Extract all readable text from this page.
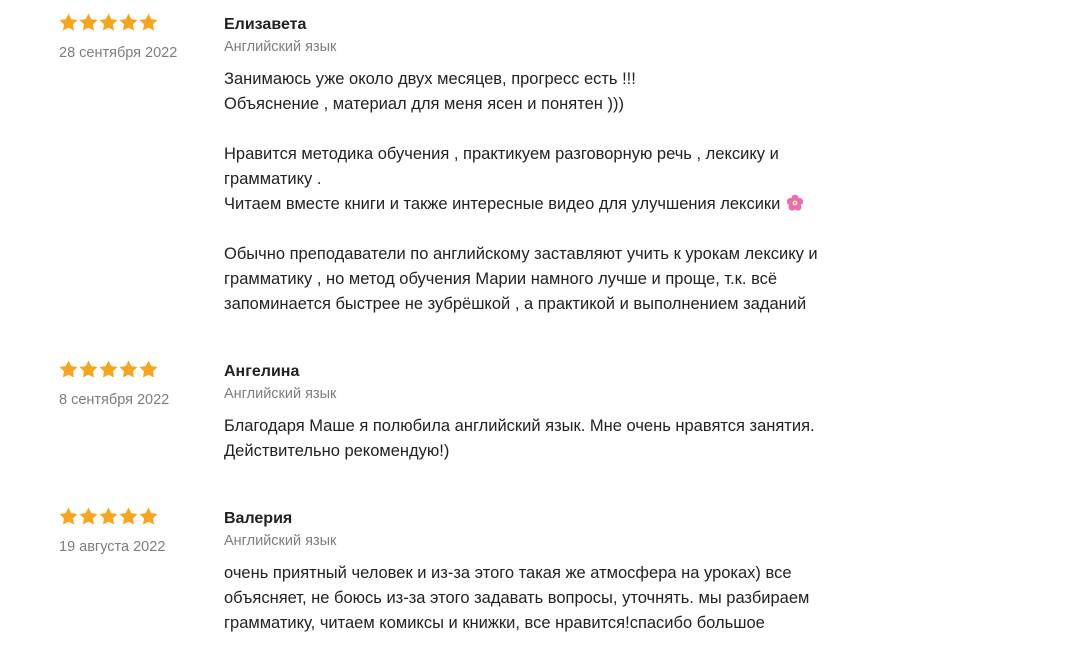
28 сентября 2022
Елизавета
Английский язык
Занимаюсь уже около двух месяцев, прогресс есть !!!
Объяснение , материал для меня ясен и понятен )))
Нравится методика обучения , практикуем разговорную речь , лексику и
грамматику .
Читаем вместе книги и также интересные видео для улучшения лексики
Обычно преподаватели по английскому заставляют учить к урокам лексику и
грамматику , но метод обучения Марии намного лучше и проще, т.к. всё
запоминается быстрее не зубрёшкой , а практикой и выполнением заданий
8 сентября 2022
Ангелина
Английский язык
Благодаря Маше я полюбила английский язык. Мне очень нравятся занятия.
Действительно рекомендую!)
19 августа 2022
Валерия
Английский язык
очень приятный человек и из-за этого такая же атмосфера на уроках) все
объясняет, не боюсь из-за этого задавать вопросы, уточнять. мы разбираем
грамматику, читаем комиксы и книжки, все нравится!спасибо большое
